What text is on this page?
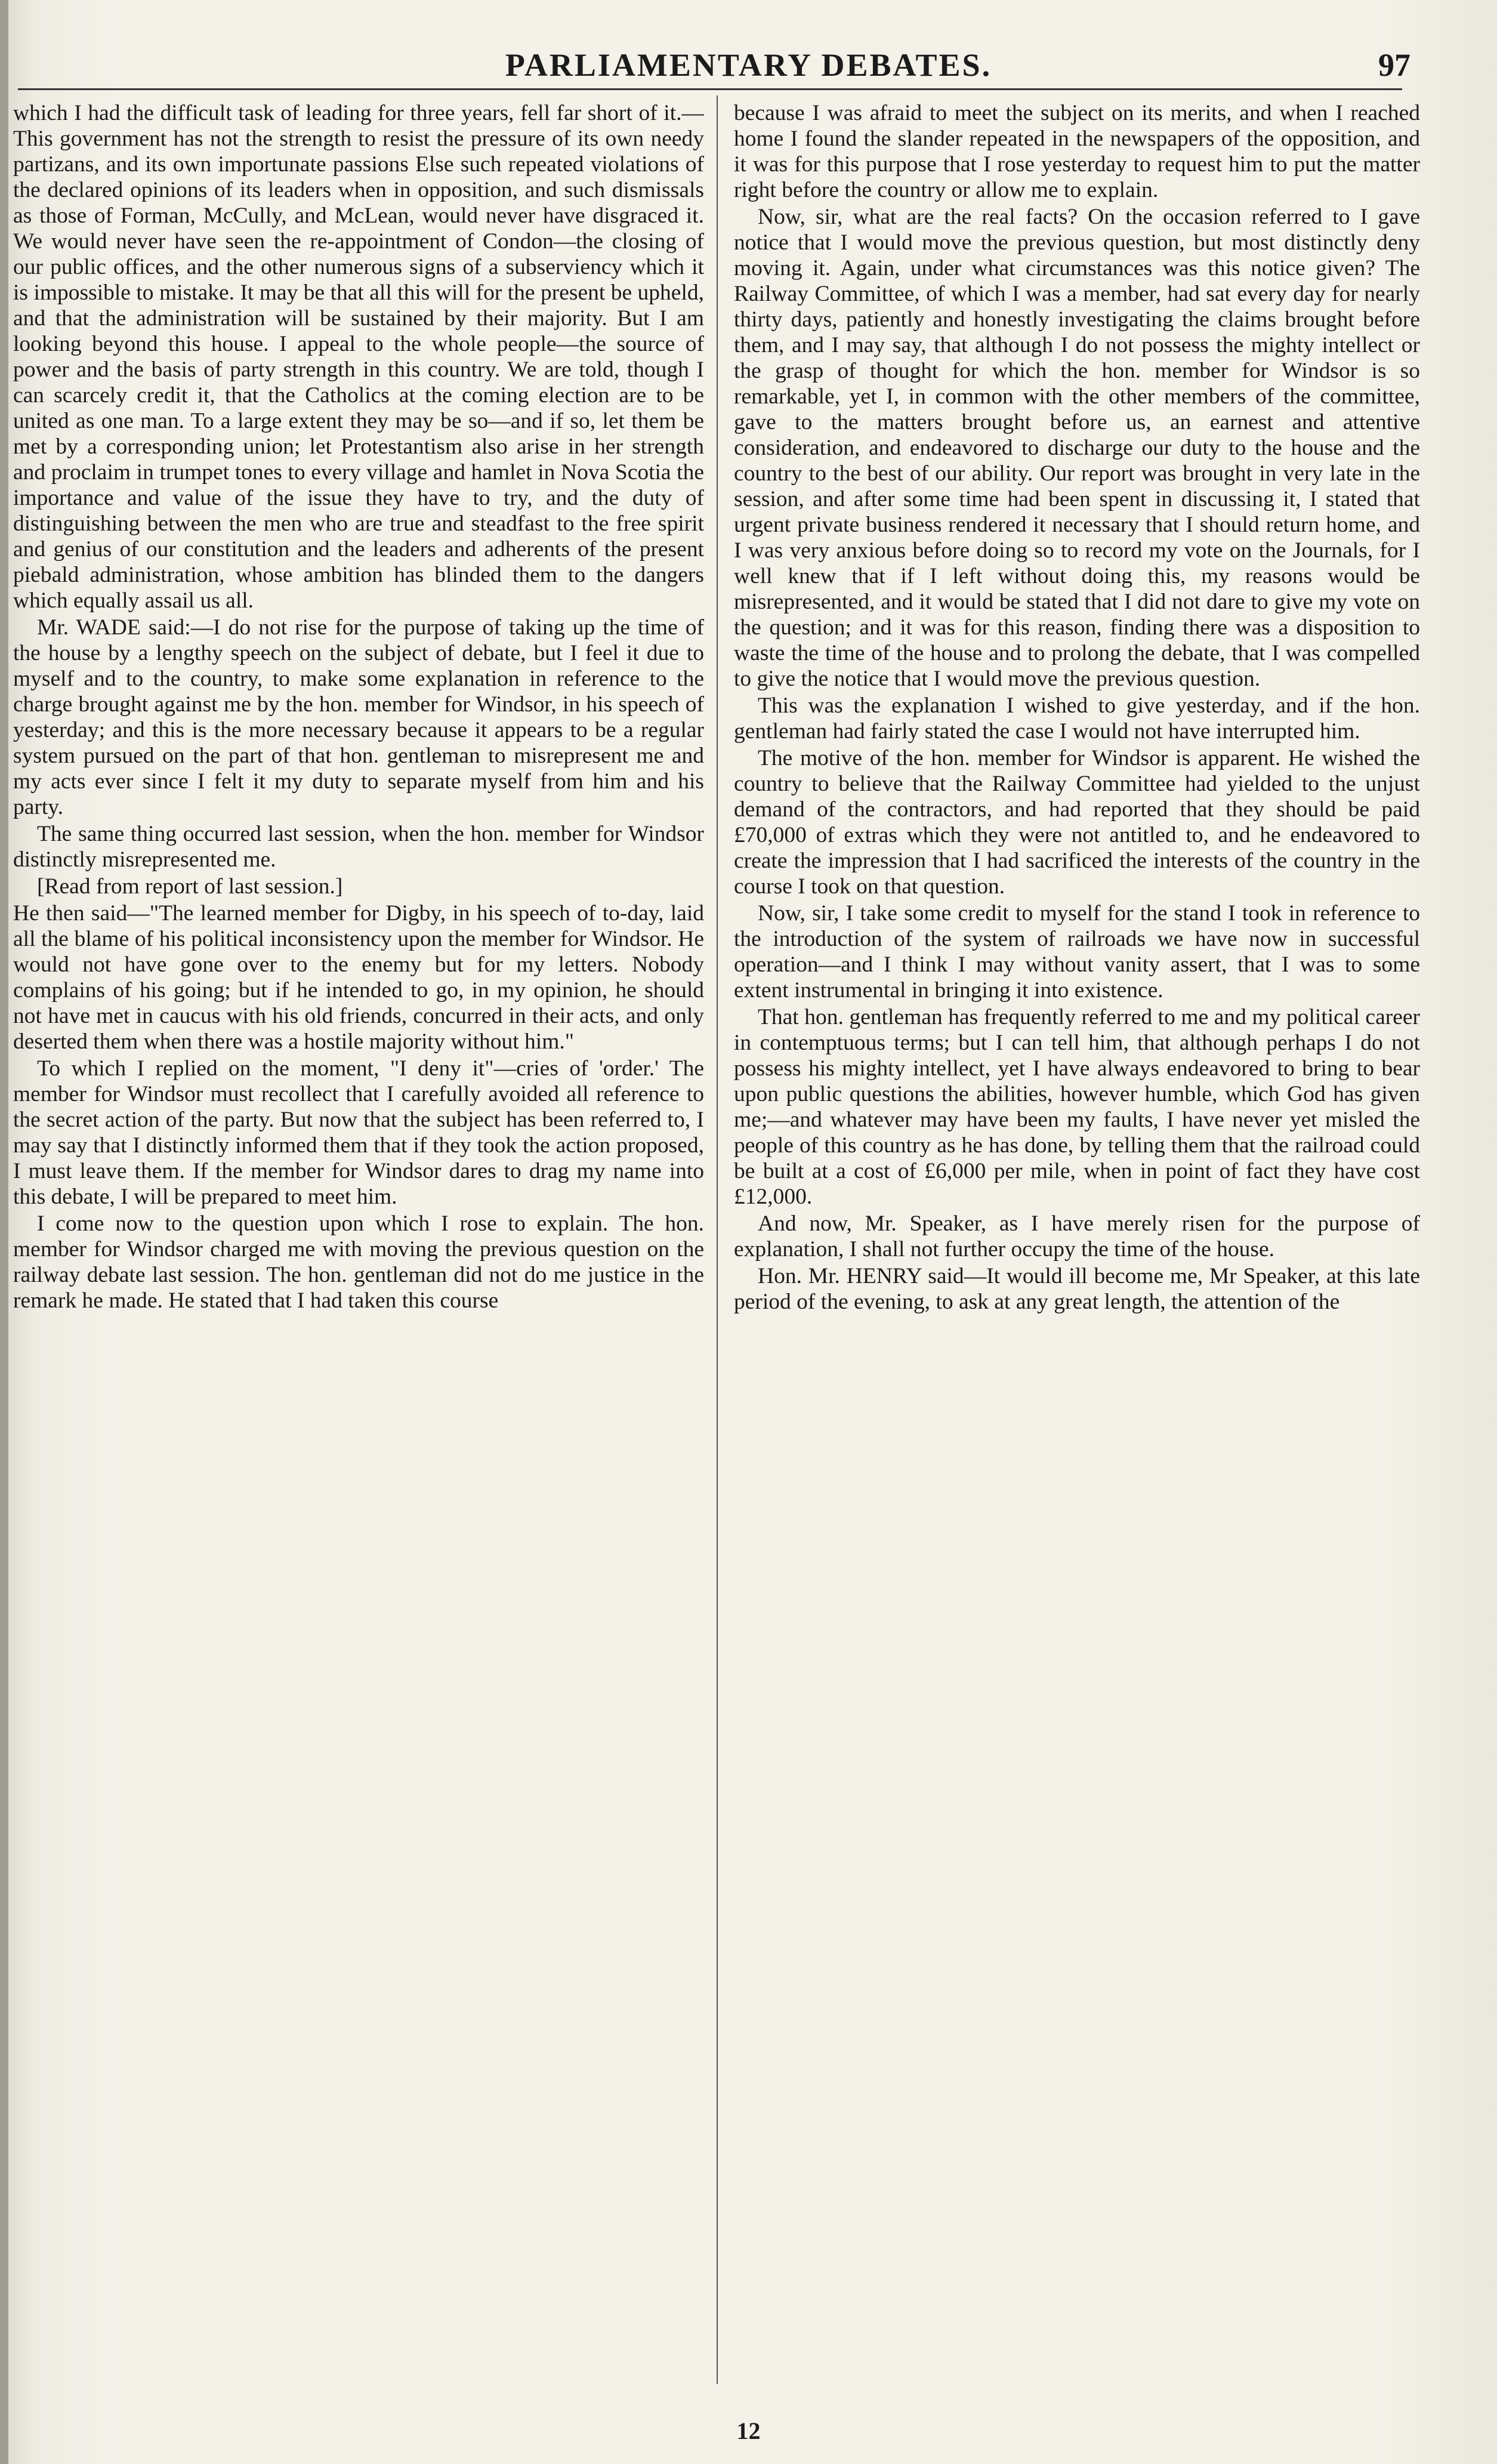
PARLIAMENTARY DEBATES.	97

which I had the difficult task of leading for three years, fell far short of it.—This government has not the strength to resist the pressure of its own needy partizans, and its own importunate passions Else such repeated violations of the declared opinions of its leaders when in opposition, and such dismissals as those of Forman, McCully, and McLean, would never have disgraced it. We would never have seen the re-appointment of Condon—the closing of our public offices, and the other numerous signs of a subserviency which it is impossible to mistake. It may be that all this will for the present be upheld, and that the administration will be sustained by their majority. But I am looking beyond this house. I appeal to the whole people—the source of power and the basis of party strength in this country. We are told, though I can scarcely credit it, that the Catholics at the coming election are to be united as one man. To a large extent they may be so—and if so, let them be met by a corresponding union; let Protestantism also arise in her strength and proclaim in trumpet tones to every village and hamlet in Nova Scotia the importance and value of the issue they have to try, and the duty of distinguishing between the men who are true and steadfast to the free spirit and genius of our constitution and the leaders and adherents of the present piebald administration, whose ambition has blinded them to the dangers which equally assail us all.

Mr. WADE said:—I do not rise for the purpose of taking up the time of the house by a lengthy speech on the subject of debate, but I feel it due to myself and to the country, to make some explanation in reference to the charge brought against me by the hon. member for Windsor, in his speech of yesterday; and this is the more necessary because it appears to be a regular system pursued on the part of that hon. gentleman to misrepresent me and my acts ever since I felt it my duty to separate myself from him and his party.

The same thing occurred last session, when the hon. member for Windsor distinctly misrepresented me.

[Read from report of last session.]

He then said—"The learned member for Digby, in his speech of to-day, laid all the blame of his political inconsistency upon the member for Windsor. He would not have gone over to the enemy but for my letters. Nobody complains of his going; but if he intended to go, in my opinion, he should not have met in caucus with his old friends, concurred in their acts, and only deserted them when there was a hostile majority without him."

To which I replied on the moment, "I deny it"—cries of 'order.' The member for Windsor must recollect that I carefully avoided all reference to the secret action of the party. But now that the subject has been referred to, I may say that I distinctly informed them that if they took the action proposed, I must leave them. If the member for Windsor dares to drag my name into this debate, I will be prepared to meet him.

I come now to the question upon which I rose to explain. The hon. member for Windsor charged me with moving the previous question on the railway debate last session. The hon. gentleman did not do me justice in the remark he made. He stated that I had taken this course

because I was afraid to meet the subject on its merits, and when I reached home I found the slander repeated in the newspapers of the opposition, and it was for this purpose that I rose yesterday to request him to put the matter right before the country or allow me to explain.

Now, sir, what are the real facts? On the occasion referred to I gave notice that I would move the previous question, but most distinctly deny moving it. Again, under what circumstances was this notice given? The Railway Committee, of which I was a member, had sat every day for nearly thirty days, patiently and honestly investigating the claims brought before them, and I may say, that although I do not possess the mighty intellect or the grasp of thought for which the hon. member for Windsor is so remarkable, yet I, in common with the other members of the committee, gave to the matters brought before us, an earnest and attentive consideration, and endeavored to discharge our duty to the house and the country to the best of our ability. Our report was brought in very late in the session, and after some time had been spent in discussing it, I stated that urgent private business rendered it necessary that I should return home, and I was very anxious before doing so to record my vote on the Journals, for I well knew that if I left without doing this, my reasons would be misrepresented, and it would be stated that I did not dare to give my vote on the question; and it was for this reason, finding there was a disposition to waste the time of the house and to prolong the debate, that I was compelled to give the notice that I would move the previous question.

This was the explanation I wished to give yesterday, and if the hon. gentleman had fairly stated the case I would not have interrupted him.

The motive of the hon. member for Windsor is apparent. He wished the country to believe that the Railway Committee had yielded to the unjust demand of the contractors, and had reported that they should be paid £70,000 of extras which they were not antitled to, and he endeavored to create the impression that I had sacrificed the interests of the country in the course I took on that question.

Now, sir, I take some credit to myself for the stand I took in reference to the introduction of the system of railroads we have now in successful operation—and I think I may without vanity assert, that I was to some extent instrumental in bringing it into existence.

That hon. gentleman has frequently referred to me and my political career in contemptuous terms; but I can tell him, that although perhaps I do not possess his mighty intellect, yet I have always endeavored to bring to bear upon public questions the abilities, however humble, which God has given me;—and whatever may have been my faults, I have never yet misled the people of this country as he has done, by telling them that the railroad could be built at a cost of £6,000 per mile, when in point of fact they have cost £12,000.

And now, Mr. Speaker, as I have merely risen for the purpose of explanation, I shall not further occupy the time of the house.

Hon. Mr. HENRY said—It would ill become me, Mr Speaker, at this late period of the evening, to ask at any great length, the attention of the

12
